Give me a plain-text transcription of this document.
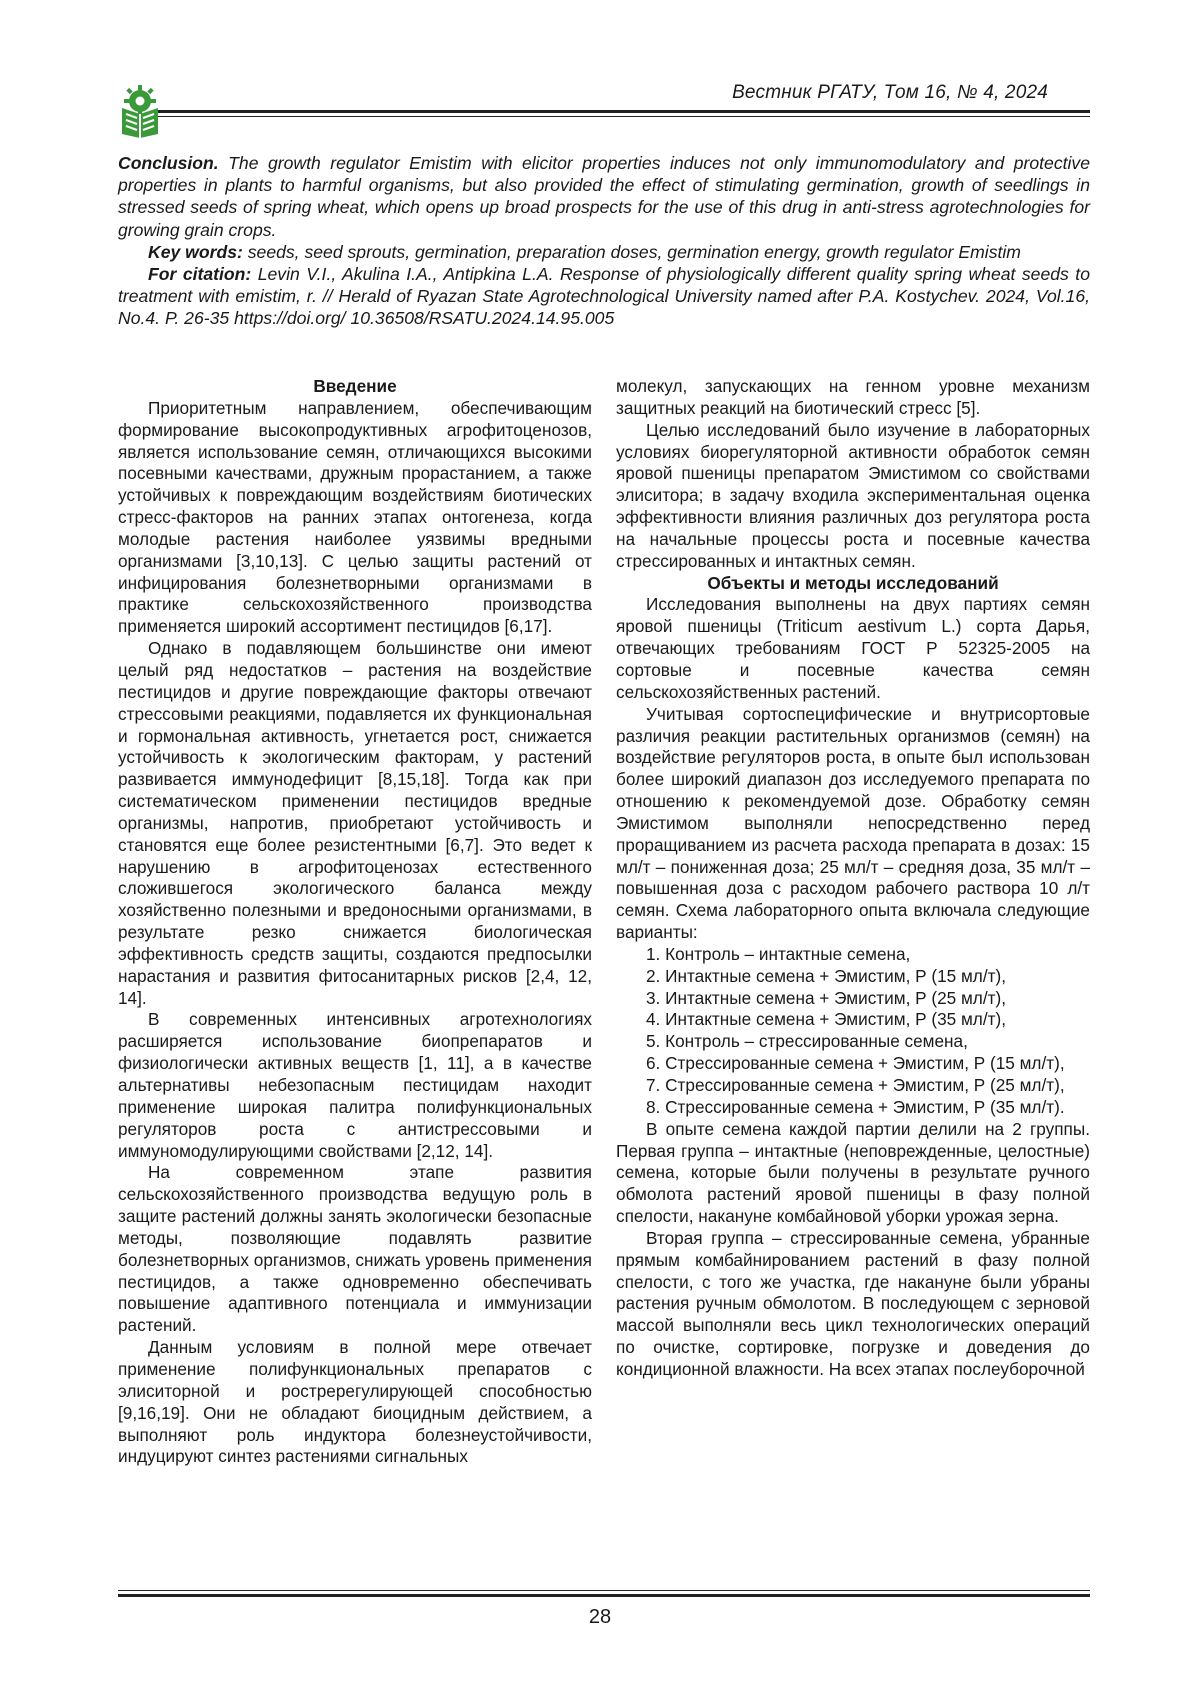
Вестник РГАТУ, Том 16, № 4, 2024

Conclusion. The growth regulator Emistim with elicitor properties induces not only immunomodulatory and protective properties in plants to harmful organisms, but also provided the effect of stimulating germination, growth of seedlings in stressed seeds of spring wheat, which opens up broad prospects for the use of this drug in anti-stress agrotechnologies for growing grain crops.

Key words: seeds, seed sprouts, germination, preparation doses, germination energy, growth regulator Emistim

For citation: Levin V.I., Akulina I.A., Antipkina L.A. Response of physiologically different quality spring wheat seeds to treatment with emistim, r. // Herald of Ryazan State Agrotechnological University named after P.A. Kostychev. 2024, Vol.16, No.4. P. 26-35 https://doi.org/ 10.36508/RSATU.2024.14.95.005

Введение

Приоритетным направлением, обеспечивающим формирование высокопродуктивных агрофитоценозов, является использование семян, отличающихся высокими посевными качествами, дружным прорастанием, а также устойчивых к повреждающим воздействиям биотических стресс-факторов на ранних этапах онтогенеза, когда молодые растения наиболее уязвимы вредными организмами [3,10,13]. С целью защиты растений от инфицирования болезнетворными организмами в практике сельскохозяйственного производства применяется широкий ассортимент пестицидов [6,17].

Однако в подавляющем большинстве они имеют целый ряд недостатков – растения на воздействие пестицидов и другие повреждающие факторы отвечают стрессовыми реакциями, подавляется их функциональная и гормональная активность, угнетается рост, снижается устойчивость к экологическим факторам, у растений развивается иммунодефицит [8,15,18]. Тогда как при систематическом применении пестицидов вредные организмы, напротив, приобретают устойчивость и становятся еще более резистентными [6,7]. Это ведет к нарушению в агрофитоценозах естественного сложившегося экологического баланса между хозяйственно полезными и вредоносными организмами, в результате резко снижается биологическая эффективность средств защиты, создаются предпосылки нарастания и развития фитосанитарных рисков [2,4, 12, 14].

В современных интенсивных агротехнологиях расширяется использование биопрепаратов и физиологически активных веществ [1, 11], а в качестве альтернативы небезопасным пестицидам находит применение широкая палитра полифункциональных регуляторов роста с антистрессовыми и иммуномодулирующими свойствами [2,12, 14].

На современном этапе развития сельскохозяйственного производства ведущую роль в защите растений должны занять экологически безопасные методы, позволяющие подавлять развитие болезнетворных организмов, снижать уровень применения пестицидов, а также одновременно обеспечивать повышение адаптивного потенциала и иммунизации растений.

Данным условиям в полной мере отвечает применение полифункциональных препаратов с элиситорной и ростререгулирующей способностью [9,16,19]. Они не обладают биоцидным действием, а выполняют роль индуктора болезнеустойчивости, индуцируют синтез растениями сигнальных

молекул, запускающих на генном уровне механизм защитных реакций на биотический стресс [5].

Целью исследований было изучение в лабораторных условиях биорегуляторной активности обработок семян яровой пшеницы препаратом Эмистимом со свойствами элиситора; в задачу входила экспериментальная оценка эффективности влияния различных доз регулятора роста на начальные процессы роста и посевные качества стрессированных и интактных семян.

Объекты и методы исследований

Исследования выполнены на двух партиях семян яровой пшеницы (Triticum aestivum L.) сорта Дарья, отвечающих требованиям ГОСТ Р 52325-2005 на сортовые и посевные качества семян сельскохозяйственных растений.

Учитывая сортоспецифические и внутрисортовые различия реакции растительных организмов (семян) на воздействие регуляторов роста, в опыте был использован более широкий диапазон доз исследуемого препарата по отношению к рекомендуемой дозе. Обработку семян Эмистимом выполняли непосредственно перед проращиванием из расчета расхода препарата в дозах: 15 мл/т – пониженная доза; 25 мл/т – средняя доза, 35 мл/т – повышенная доза с расходом рабочего раствора 10 л/т семян. Схема лабораторного опыта включала следующие варианты:

1. Контроль – интактные семена,
2. Интактные семена + Эмистим, Р (15 мл/т),
3. Интактные семена + Эмистим, Р (25 мл/т),
4. Интактные семена + Эмистим, Р (35 мл/т),
5. Контроль – стрессированные семена,
6. Стрессированные семена + Эмистим, Р (15 мл/т),
7. Стрессированные семена + Эмистим, Р (25 мл/т),
8. Стрессированные семена + Эмистим, Р (35 мл/т).

В опыте семена каждой партии делили на 2 группы. Первая группа – интактные (неповрежденные, целостные) семена, которые были получены в результате ручного обмолота растений яровой пшеницы в фазу полной спелости, накануне комбайновой уборки урожая зерна.

Вторая группа – стрессированные семена, убранные прямым комбайнированием растений в фазу полной спелости, с того же участка, где накануне были убраны растения ручным обмолотом. В последующем с зерновой массой выполняли весь цикл технологических операций по очистке, сортировке, погрузке и доведения до кондиционной влажности. На всех этапах послеуборочной

28
